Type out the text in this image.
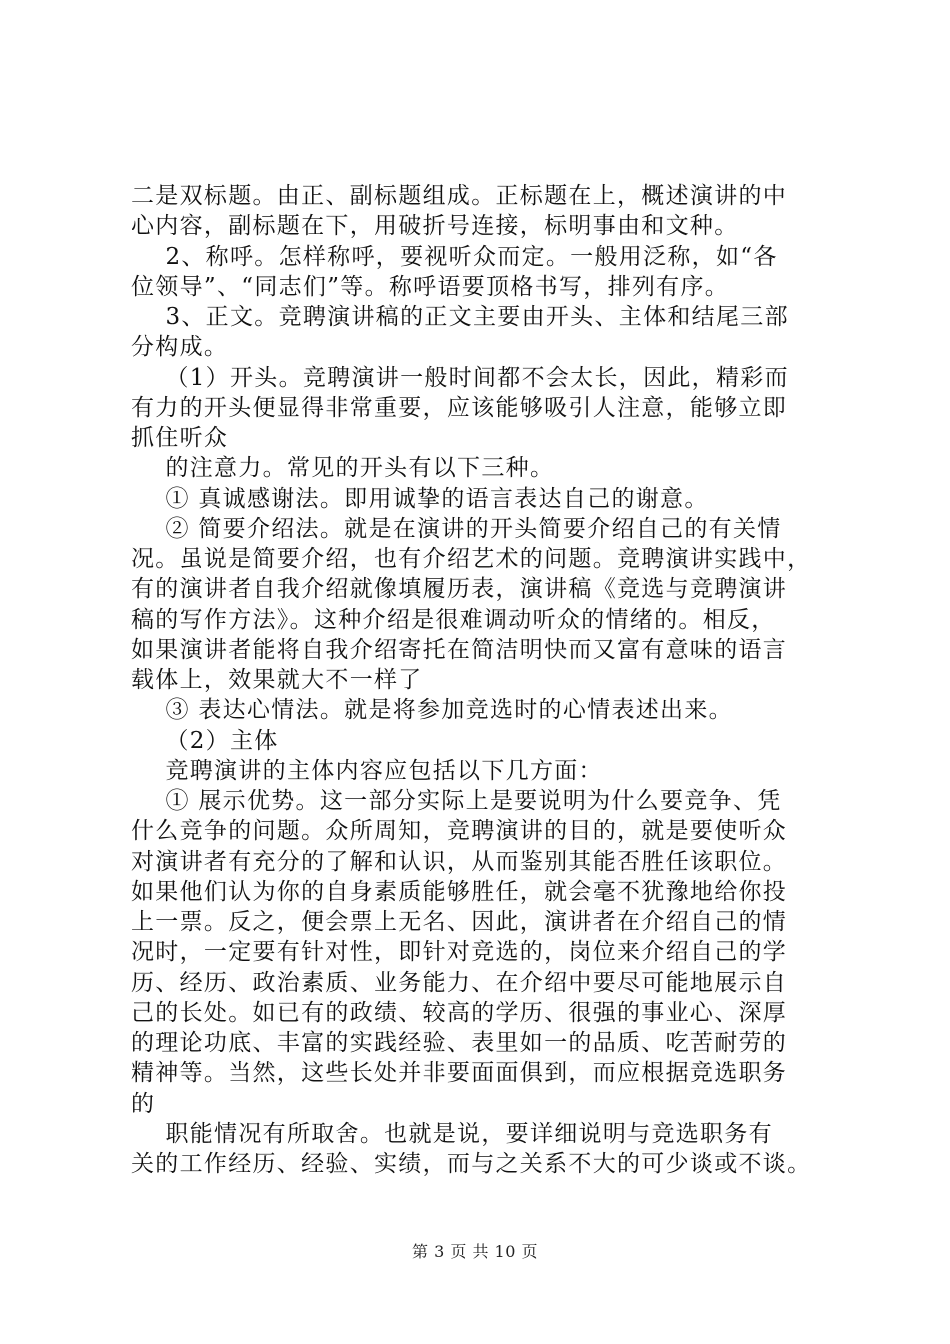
二是双标题。由正、副标题组成。正标题在上，概述演讲的中
心内容，副标题在下，用破折号连接，标明事由和文种。
2、称呼。怎样称呼，要视听众而定。一般用泛称，如“各
位领导”、“同志们”等。称呼语要顶格书写，排列有序。
3、正文。竞聘演讲稿的正文主要由开头、主体和结尾三部
分构成。
（1）开头。竞聘演讲一般时间都不会太长，因此，精彩而
有力的开头便显得非常重要，应该能够吸引人注意，能够立即
抓住听众
的注意力。常见的开头有以下三种。
① 真诚感谢法。即用诚挚的语言表达自己的谢意。
② 简要介绍法。就是在演讲的开头简要介绍自己的有关情
况。虽说是简要介绍，也有介绍艺术的问题。竞聘演讲实践中，
有的演讲者自我介绍就像填履历表，演讲稿《竞选与竞聘演讲
稿的写作方法》。这种介绍是很难调动听众的情绪的。相反，
如果演讲者能将自我介绍寄托在简洁明快而又富有意味的语言
载体上，效果就大不一样了
③ 表达心情法。就是将参加竞选时的心情表述出来。
（2）主体
竞聘演讲的主体内容应包括以下几方面：
① 展示优势。这一部分实际上是要说明为什么要竞争、凭
什么竞争的问题。众所周知，竞聘演讲的目的，就是要使听众
对演讲者有充分的了解和认识，从而鉴别其能否胜任该职位。
如果他们认为你的自身素质能够胜任，就会毫不犹豫地给你投
上一票。反之，便会票上无名、因此，演讲者在介绍自己的情
况时，一定要有针对性，即针对竞选的，岗位来介绍自己的学
历、经历、政治素质、业务能力、在介绍中要尽可能地展示自
己的长处。如已有的政绩、较高的学历、很强的事业心、深厚
的理论功底、丰富的实践经验、表里如一的品质、吃苦耐劳的
精神等。当然，这些长处并非要面面俱到，而应根据竞选职务
的
职能情况有所取舍。也就是说，要详细说明与竞选职务有
关的工作经历、经验、实绩，而与之关系不大的可少谈或不谈。
第 3 页 共 10 页
